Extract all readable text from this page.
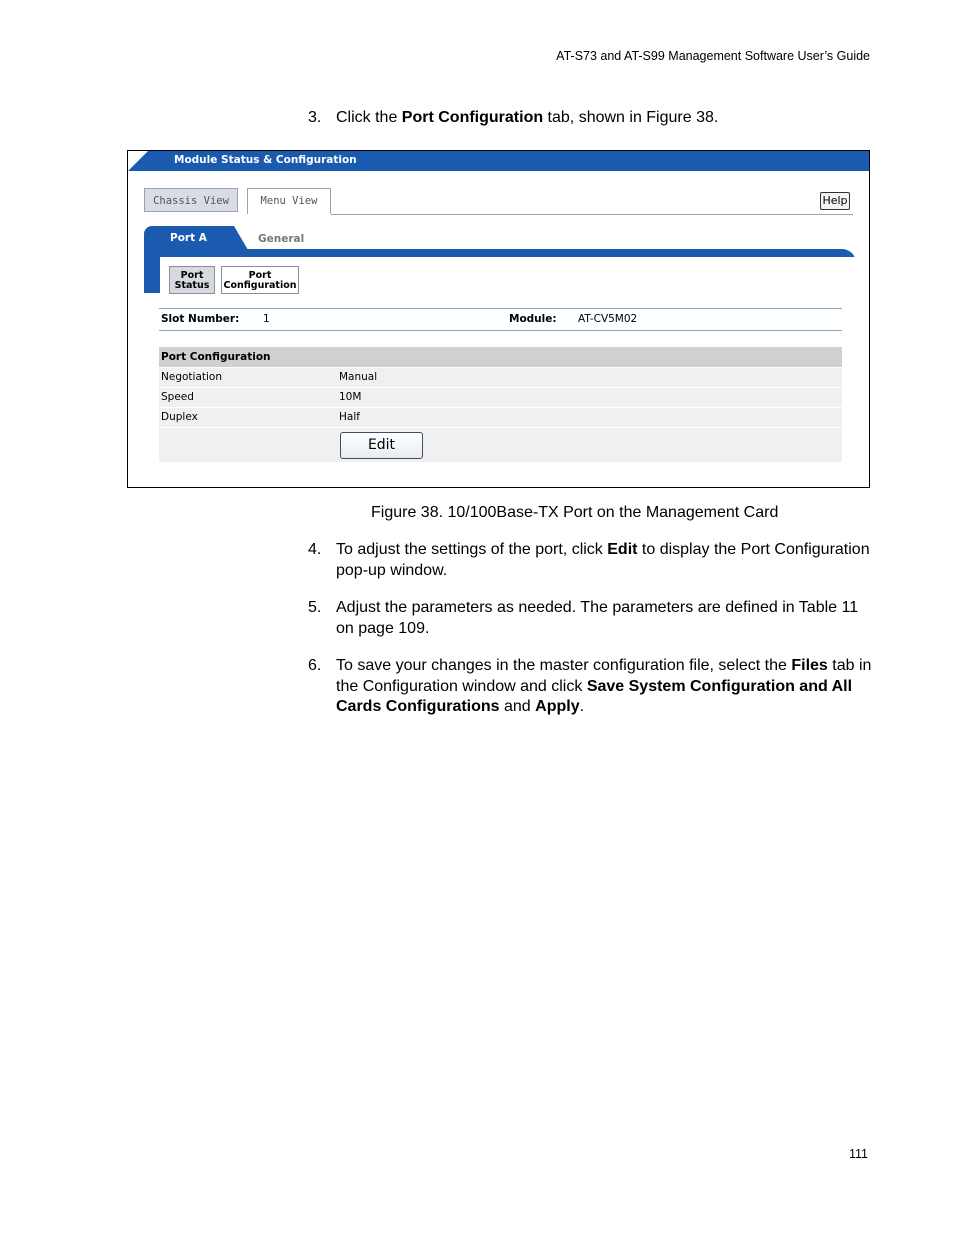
AT-S73 and AT-S99 Management Software User’s Guide
3. Click the Port Configuration tab, shown in Figure 38.
Module Status & Configuration
Chassis View	Menu View	Help
Port A	General
Port
Status
Port
Configuration
Slot Number: 1	Module: AT-CV5M02
Port Configuration
Negotiation	Manual
Speed	10M
Duplex	Half
Edit
Figure 38. 10/100Base-TX Port on the Management Card
4. To adjust the settings of the port, click Edit to display the Port Configuration pop-up window.
5. Adjust the parameters as needed. The parameters are defined in Table 11 on page 109.
6. To save your changes in the master configuration file, select the Files tab in the Configuration window and click Save System Configuration and All Cards Configurations and Apply.
111
